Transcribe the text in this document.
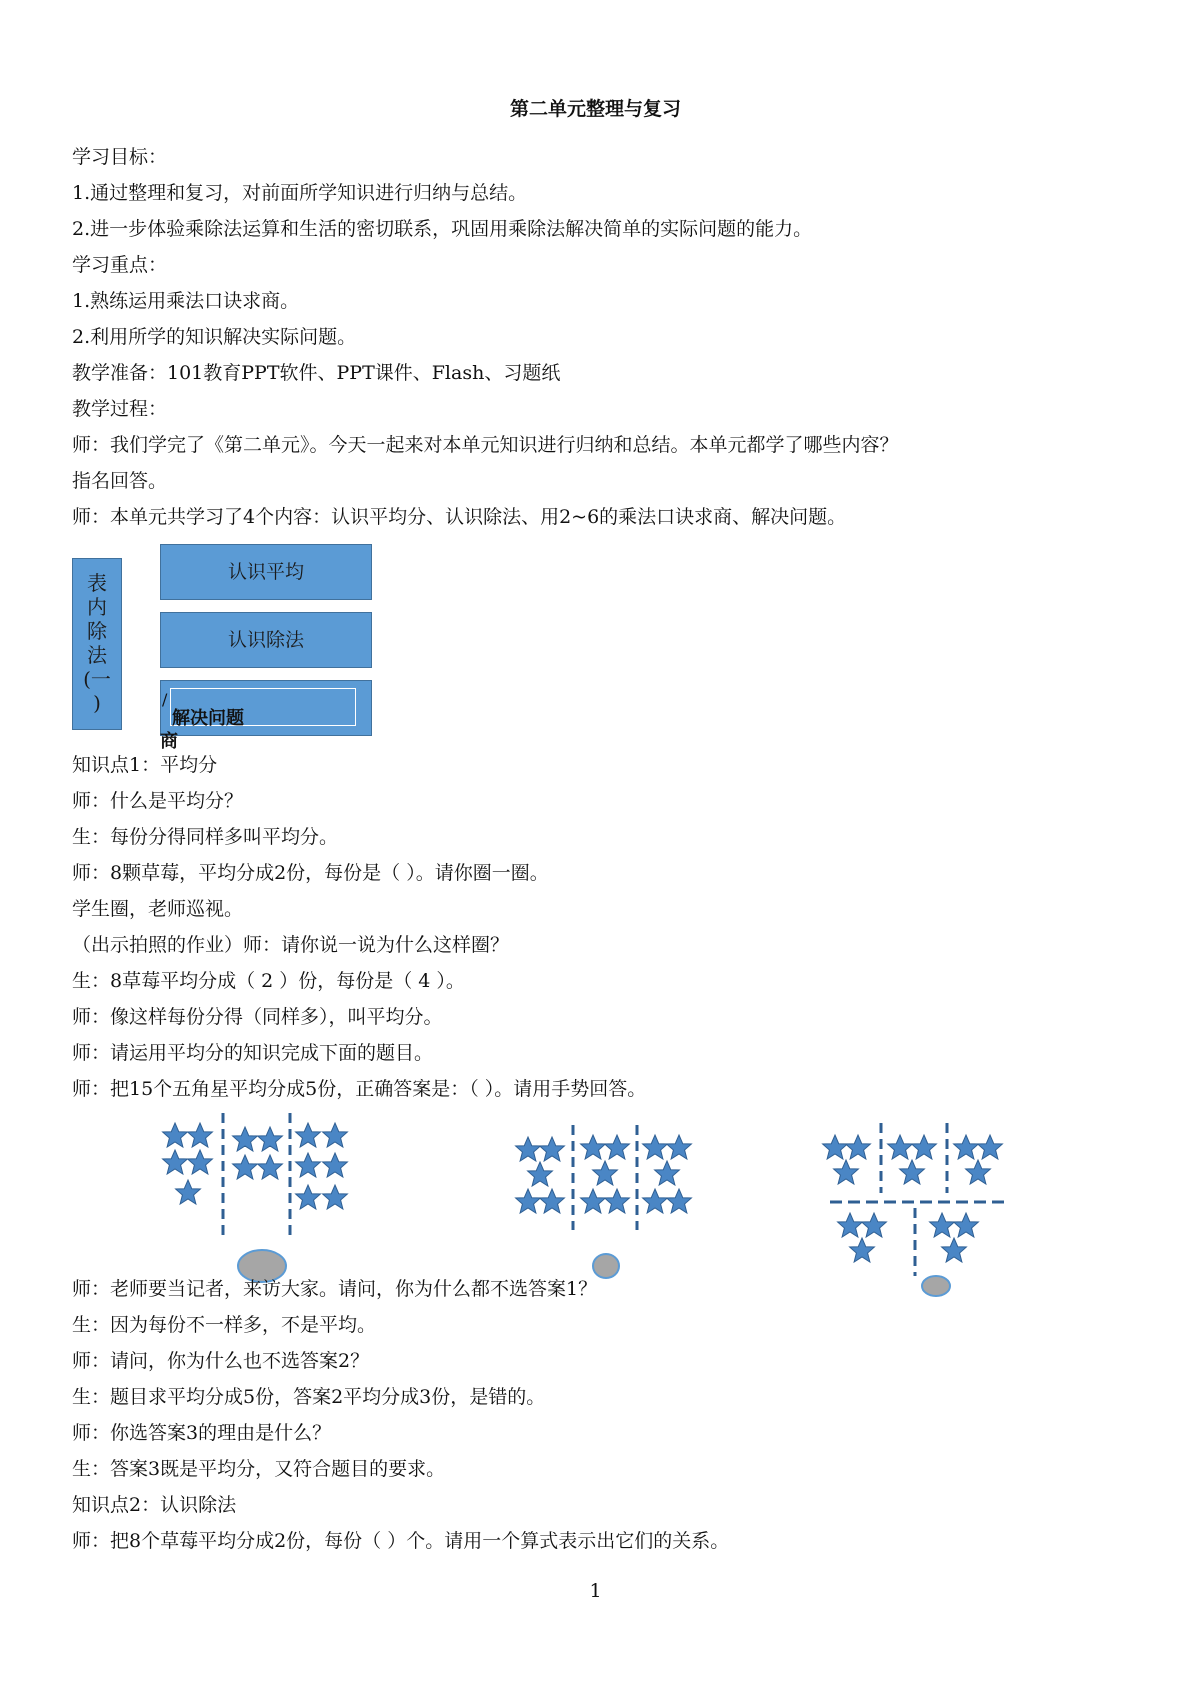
第二单元整理与复习
学习目标：
1.通过整理和复习，对前面所学知识进行归纳与总结。
2.进一步体验乘除法运算和生活的密切联系，巩固用乘除法解决简单的实际问题的能力。
学习重点：
1.熟练运用乘法口诀求商。
2.利用所学的知识解决实际问题。
教学准备：101教育PPT软件、PPT课件、Flash、习题纸
教学过程：
师：我们学完了《第二单元》。今天一起来对本单元知识进行归纳和总结。本单元都学了哪些内容？
指名回答。
师：本单元共学习了4个内容：认识平均分、认识除法、用2~6的乘法口诀求商、解决问题。
表
内
除
法
(一
)
认识平均
认识除法
/
解决问题
商
知识点1：平均分
师：什么是平均分？
生：每份分得同样多叫平均分。
师：8颗草莓，平均分成2份，每份是（ ）。请你圈一圈。
学生圈，老师巡视。
（出示拍照的作业）师：请你说一说为什么这样圈？
生：8草莓平均分成（ 2 ）份，每份是（ 4 ）。
师：像这样每份分得（同样多），叫平均分。
师：请运用平均分的知识完成下面的题目。
师：把15个五角星平均分成5份，正确答案是：（ ）。请用手势回答。
师：老师要当记者，来访大家。请问，你为什么都不选答案1？
生：因为每份不一样多，不是平均。
师：请问，你为什么也不选答案2？
生：题目求平均分成5份，答案2平均分成3份，是错的。
师：你选答案3的理由是什么？
生：答案3既是平均分，又符合题目的要求。
知识点2：认识除法
师：把8个草莓平均分成2份，每份（ ）个。请用一个算式表示出它们的关系。
1
